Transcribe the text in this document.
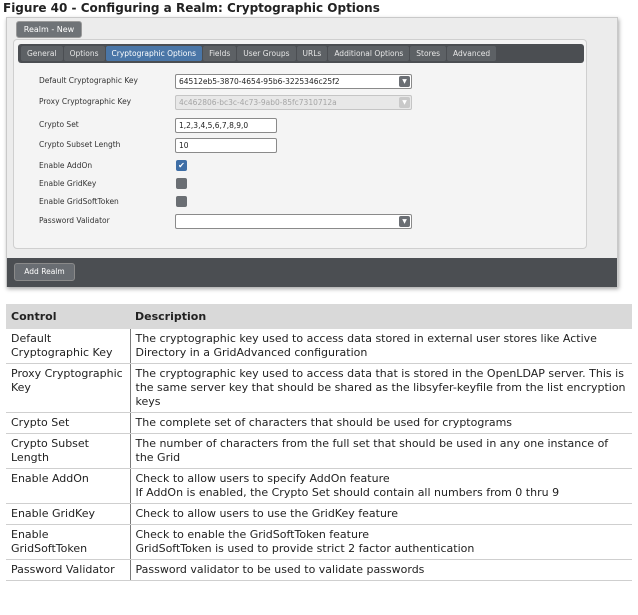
Figure 40 - Configuring a Realm: Cryptographic Options
Realm - New
General Options Cryptographic Options Fields User Groups URLs Additional Options Stores Advanced
Default Cryptographic Key	64512eb5-3870-4654-95b6-3225346c25f2	▼
Proxy Cryptographic Key	4c462806-bc3c-4c73-9ab0-85fc7310712a	▼
Crypto Set	1,2,3,4,5,6,7,8,9,0
Crypto Subset Length	10
Enable AddOn	✔
Enable GridKey
Enable GridSoftToken
Password Validator	▼
Add Realm
Control	Description
Default Cryptographic Key	The cryptographic key used to access data stored in external user stores like Active Directory in a GridAdvanced configuration

Proxy Cryptographic Key	The cryptographic key used to access data that is stored in the OpenLDAP server. This is the same server key that should be shared as the libsyfer-keyfile from the list encryption keys

Crypto Set	The complete set of characters that should be used for cryptograms

Crypto Subset Length	The number of characters from the full set that should be used in any one instance of the Grid

Enable AddOn	Check to allow users to specify AddOn feature
If AddOn is enabled, the Crypto Set should contain all numbers from 0 thru 9

Enable GridKey	Check to allow users to use the GridKey feature

Enable GridSoftToken	Check to enable the GridSoftToken feature
GridSoftToken is used to provide strict 2 factor authentication

Password Validator	Password validator to be used to validate passwords
